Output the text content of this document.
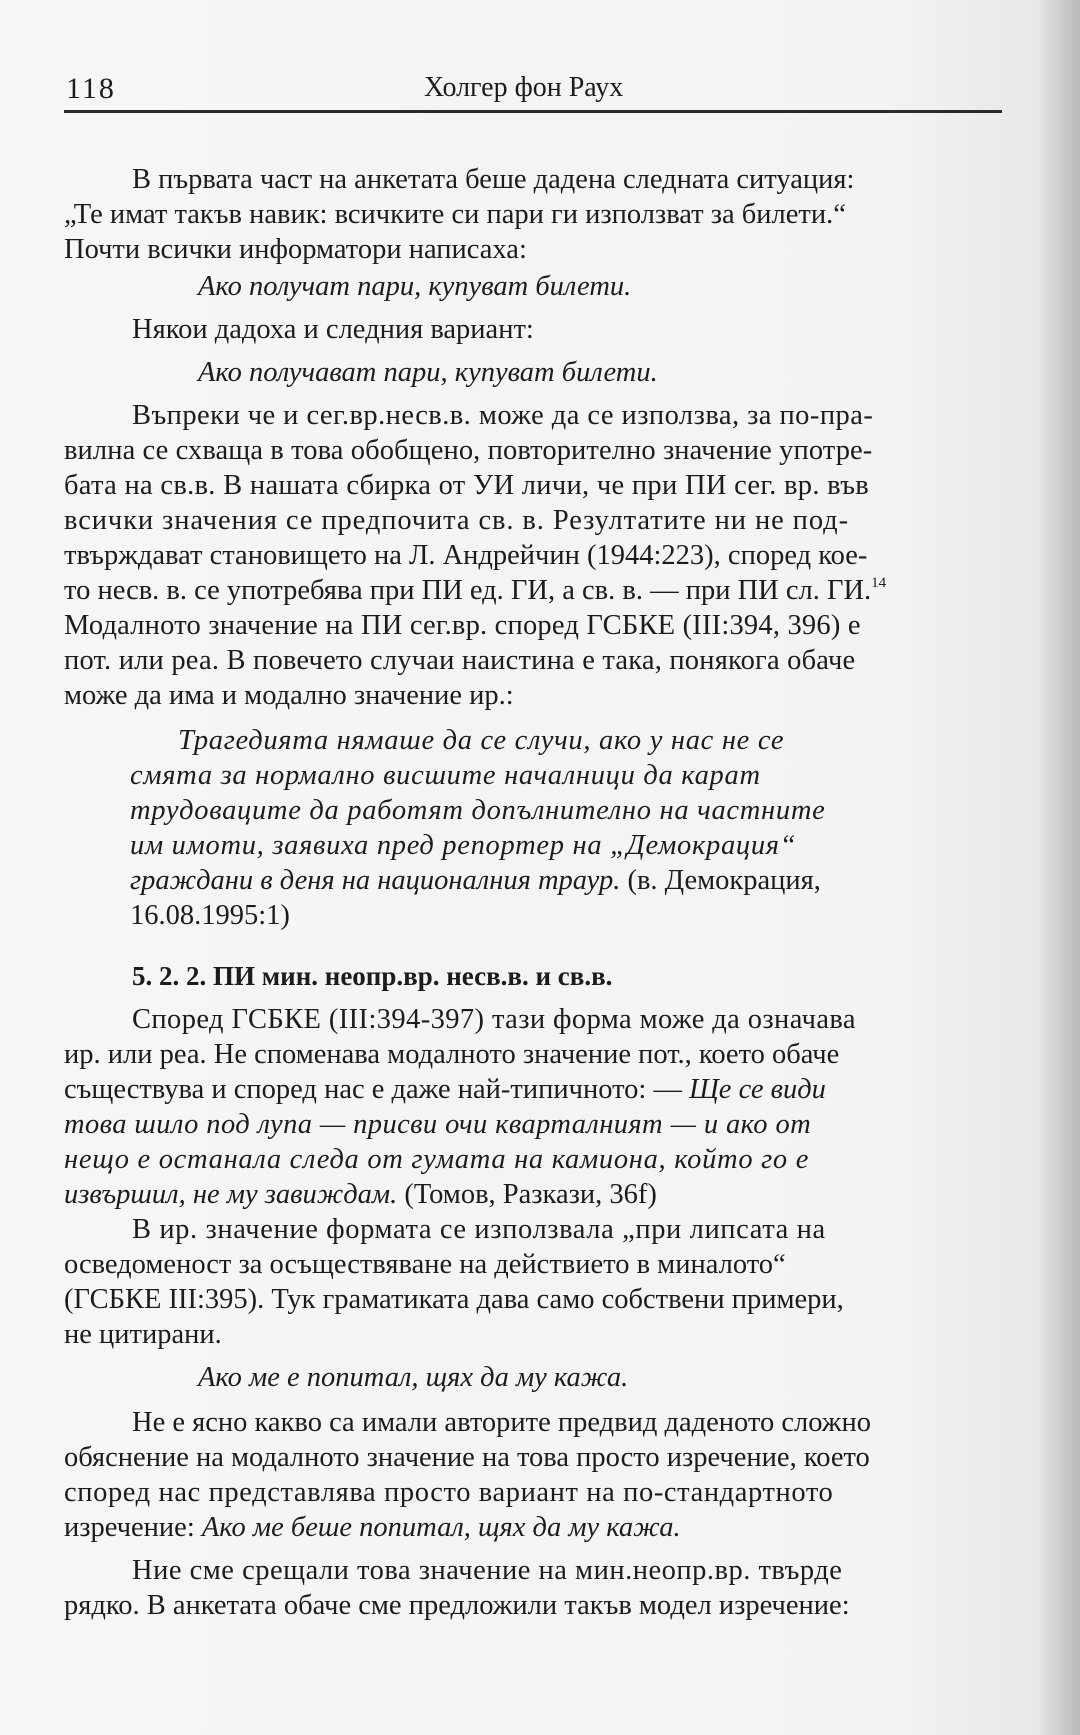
118	Холгер фон Раух

В първата част на анкетата беше дадена следната ситуация:
„Те имат такъв навик: всичките си пари ги използват за билети.“
Почти всички информатори написаха:

Ако получат пари, купуват билети.

Някои дадоха и следния вариант:

Ако получават пари, купуват билети.

Въпреки че и сег.вр.несв.в. може да се използва, за по-пра-
вилна се схваща в това обобщено, повторително значение употре-
бата на св.в. В нашата сбирка от УИ личи, че при ПИ сег. вр. във
всички значения се предпочита св. в. Резултатите ни не под-
твърждават становището на Л. Андрейчин (1944:223), според кое-
то несв. в. се употребява при ПИ ед. ГИ, а св. в. — при ПИ сл. ГИ.$^{14}$
Модалното значение на ПИ сег.вр. според ГСБКЕ (III:394, 396) е
пот. или реа. В повечето случаи наистина е така, понякога обаче
може да има и модално значение ир.:

Трагедията нямаше да се случи, ако у нас не се
смята за нормално висшите началници да карат
трудоваците да работят допълнително на частните
им имоти, заявиха пред репортер на „Демокрация“
граждани в деня на националния траур. (в. Демокрация,
16.08.1995:1)

5. 2. 2. ПИ мин. неопр.вр. несв.в. и св.в.

Според ГСБКЕ (III:394-397) тази форма може да означава
ир. или реа. Не споменава модалното значение пот., което обаче
съществува и според нас е даже най-типичното: — Ще се види
това шило под лупа — присви очи кварталният — и ако от
нещо е останала следа от гумата на камиона, който го е
извършил, не му завиждам. (Томов, Разкази, 36f)

В ир. значение формата се използвала „при липсата на
осведоменост за осъществяване на действието в миналото“
(ГСБКЕ III:395). Тук граматиката дава само собствени примери,
не цитирани.

Ако ме е попитал, щях да му кажа.

Не е ясно какво са имали авторите предвид даденото сложно
обяснение на модалното значение на това просто изречение, което
според нас представлява просто вариант на по-стандартното
изречение: Ако ме беше попитал, щях да му кажа.

Ние сме срещали това значение на мин.неопр.вр. твърде
рядко. В анкетата обаче сме предложили такъв модел изречение:
